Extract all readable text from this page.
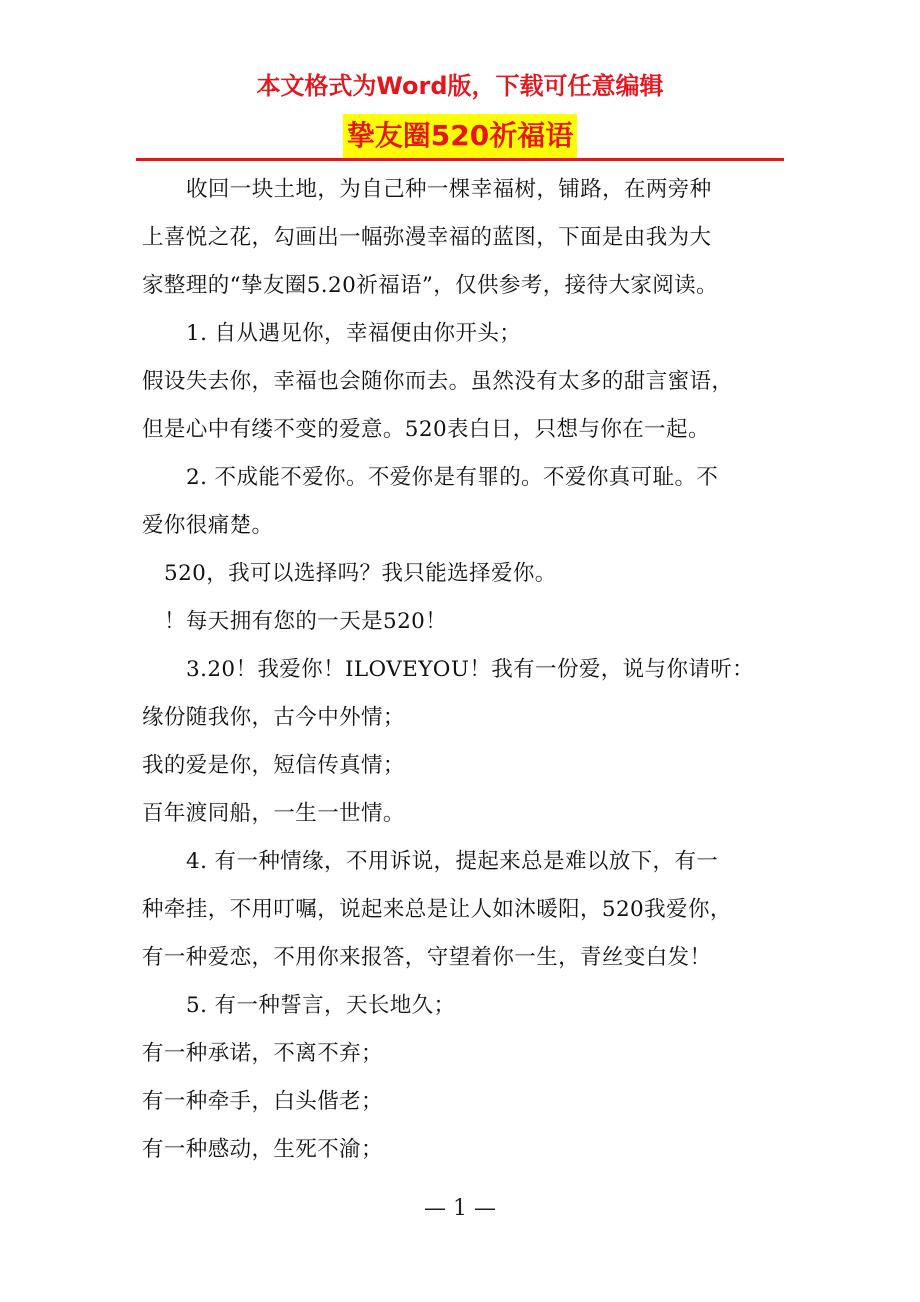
本文格式为Word版，下载可任意编辑
挚友圈520祈福语

收回一块土地，为自己种一棵幸福树，铺路，在两旁种

上喜悦之花，勾画出一幅弥漫幸福的蓝图，下面是由我为大

家整理的“挚友圈5.20祈福语”，仅供参考，接待大家阅读。

1. 自从遇见你，幸福便由你开头；

假设失去你，幸福也会随你而去。虽然没有太多的甜言蜜语，

但是心中有缕不变的爱意。520表白日，只想与你在一起。

2. 不成能不爱你。不爱你是有罪的。不爱你真可耻。不

爱你很痛楚。

520，我可以选择吗？我只能选择爱你。

！每天拥有您的一天是520！

3.20！我爱你！ILOVEYOU！我有一份爱，说与你请听：

缘份随我你，古今中外情；

我的爱是你，短信传真情；

百年渡同船，一生一世情。

4. 有一种情缘，不用诉说，提起来总是难以放下，有一

种牵挂，不用叮嘱，说起来总是让人如沐暖阳，520我爱你，

有一种爱恋，不用你来报答，守望着你一生，青丝变白发！

5. 有一种誓言，天长地久；

有一种承诺，不离不弃；

有一种牵手，白头偕老；

有一种感动，生死不渝；

— 1 —
